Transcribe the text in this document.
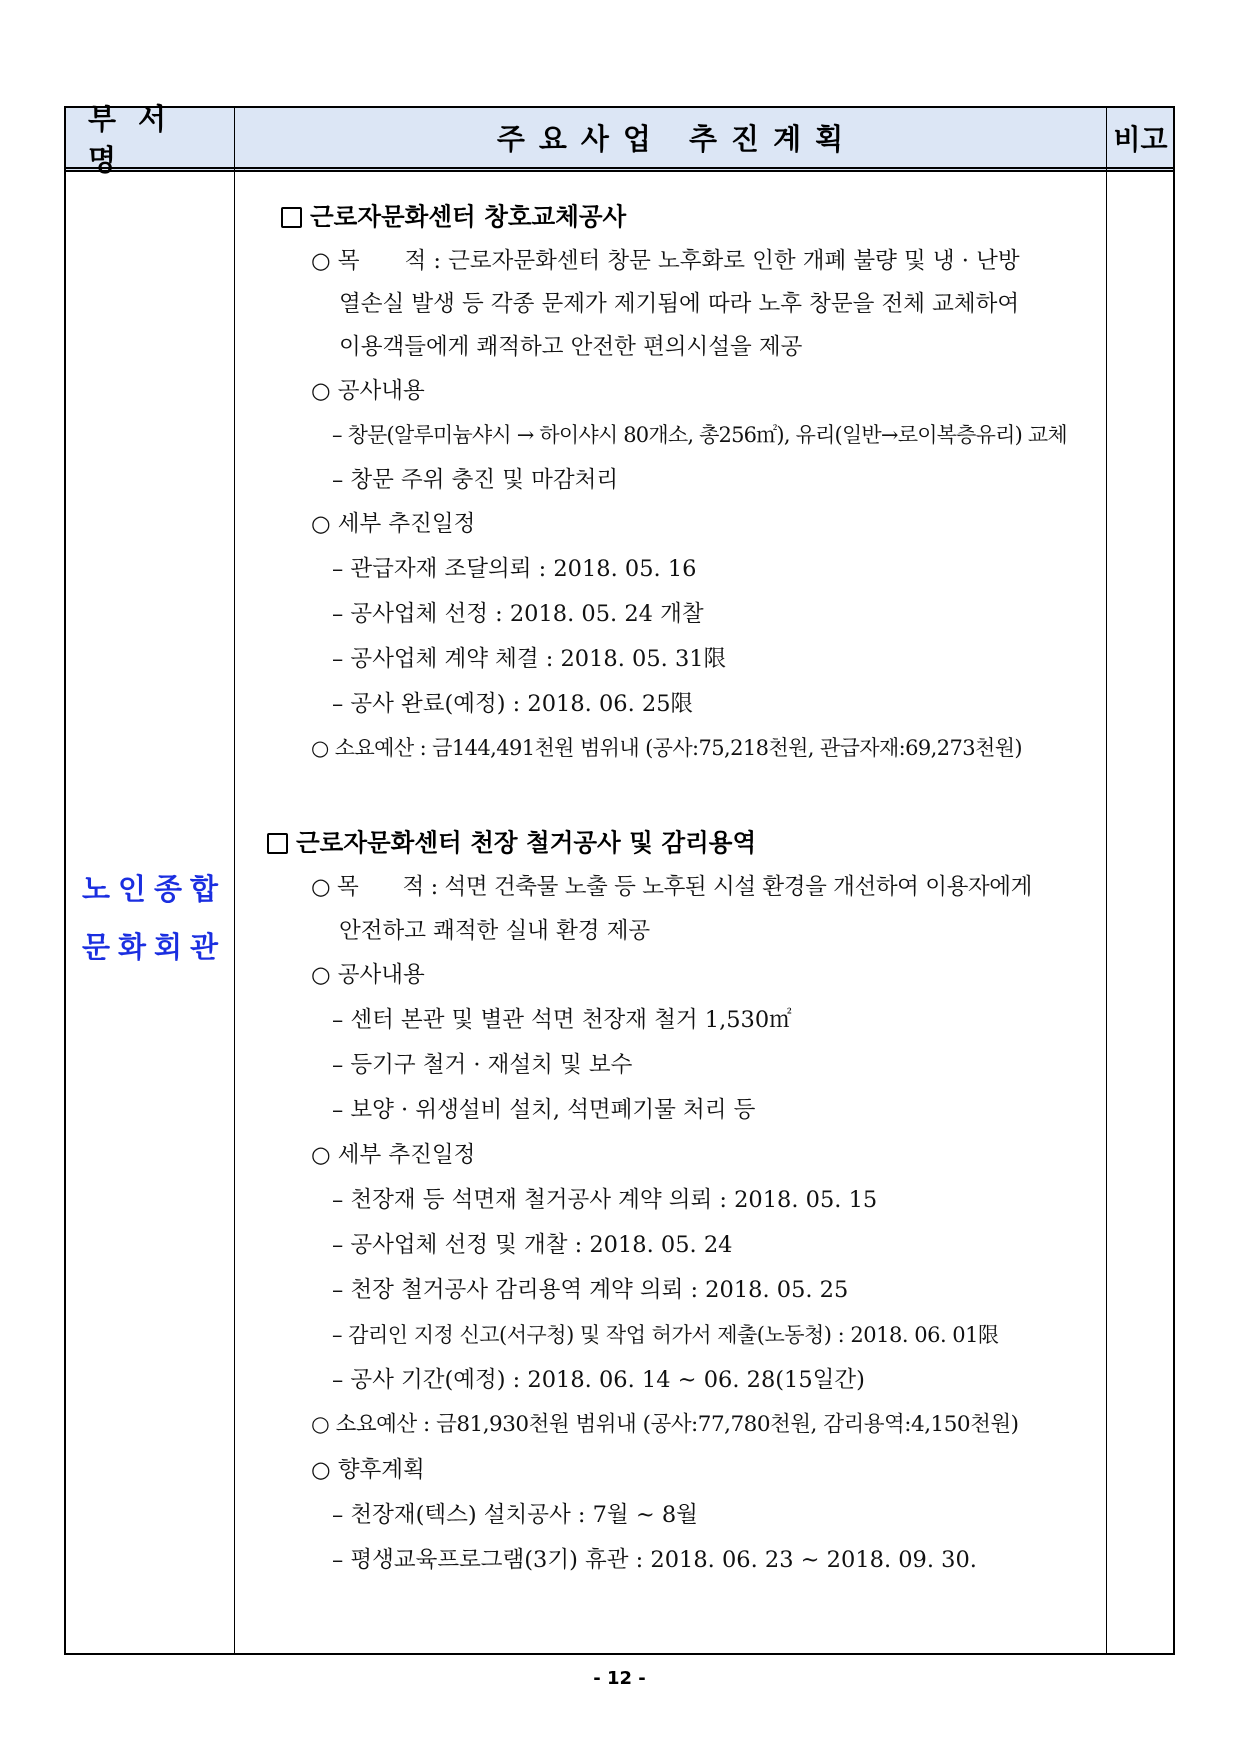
부서명
주요사업 추진계획	비고
노인종합
문화회관
근로자문화센터 창호교체공사
○ 목　　적 : 근로자문화센터 창문 노후화로 인한 개폐 불량 및 냉 · 난방
열손실 발생 등 각종 문제가 제기됨에 따라 노후 창문을 전체 교체하여
이용객들에게 쾌적하고 안전한 편의시설을 제공
○ 공사내용
– 창문(알루미늄샤시 → 하이샤시 80개소, 총256㎡), 유리(일반→로이복층유리) 교체
– 창문 주위 충진 및 마감처리
○ 세부 추진일정
– 관급자재 조달의뢰 : 2018. 05. 16
– 공사업체 선정 : 2018. 05. 24 개찰
– 공사업체 계약 체결 : 2018. 05. 31限
– 공사 완료(예정) : 2018. 06. 25限
○ 소요예산 : 금144,491천원 범위내 (공사:75,218천원, 관급자재:69,273천원)
근로자문화센터 천장 철거공사 및 감리용역
○ 목　　적 : 석면 건축물 노출 등 노후된 시설 환경을 개선하여 이용자에게
안전하고 쾌적한 실내 환경 제공
○ 공사내용
– 센터 본관 및 별관 석면 천장재 철거 1,530㎡
– 등기구 철거 · 재설치 및 보수
– 보양 · 위생설비 설치, 석면폐기물 처리 등
○ 세부 추진일정
– 천장재 등 석면재 철거공사 계약 의뢰 : 2018. 05. 15
– 공사업체 선정 및 개찰 : 2018. 05. 24
– 천장 철거공사 감리용역 계약 의뢰 : 2018. 05. 25
– 감리인 지정 신고(서구청) 및 작업 허가서 제출(노동청) : 2018. 06. 01限
– 공사 기간(예정) : 2018. 06. 14 ~ 06. 28(15일간)
○ 소요예산 : 금81,930천원 범위내 (공사:77,780천원, 감리용역:4,150천원)
○ 향후계획
– 천장재(텍스) 설치공사 : 7월 ~ 8월
– 평생교육프로그램(3기) 휴관 : 2018. 06. 23 ~ 2018. 09. 30.
- 12 -
